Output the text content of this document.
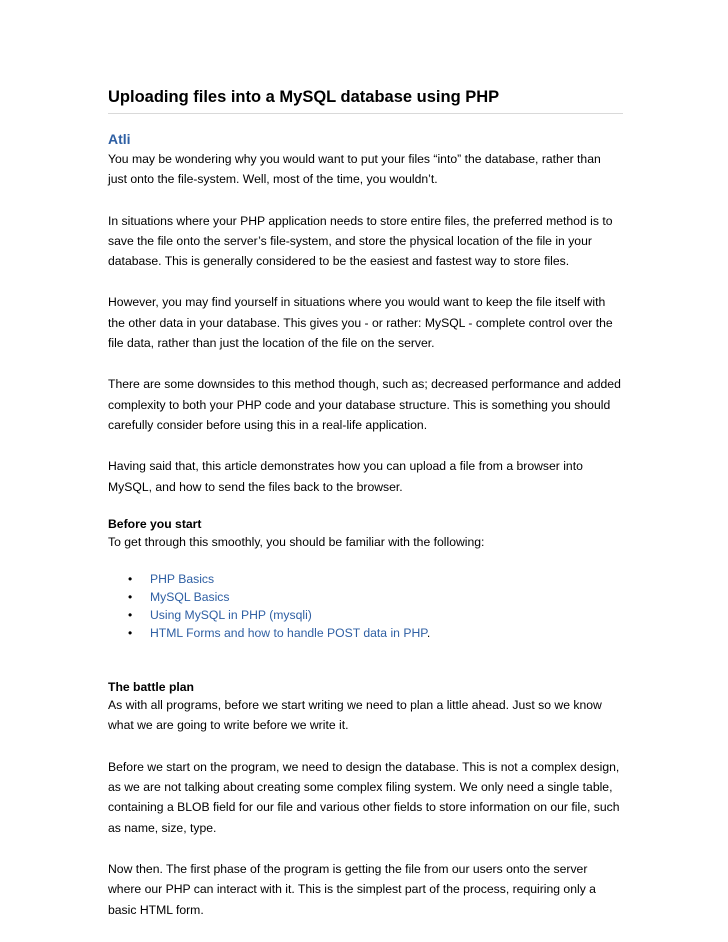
Uploading files into a MySQL database using PHP
Atli

You may be wondering why you would want to put your files “into” the database, rather than just onto the file-system. Well, most of the time, you wouldn’t.

In situations where your PHP application needs to store entire files, the preferred method is to save the file onto the server’s file-system, and store the physical location of the file in your database. This is generally considered to be the easiest and fastest way to store files.

However, you may find yourself in situations where you would want to keep the file itself with the other data in your database. This gives you - or rather: MySQL - complete control over the file data, rather than just the location of the file on the server.

There are some downsides to this method though, such as; decreased performance and added complexity to both your PHP code and your database structure. This is something you should carefully consider before using this in a real-life application.

Having said that, this article demonstrates how you can upload a file from a browser into MySQL, and how to send the files back to the browser.

Before you start

To get through this smoothly, you should be familiar with the following:

• PHP Basics
• MySQL Basics
• Using MySQL in PHP (mysqli)
• HTML Forms and how to handle POST data in PHP.
The battle plan

As with all programs, before we start writing we need to plan a little ahead. Just so we know what we are going to write before we write it.

Before we start on the program, we need to design the database. This is not a complex design, as we are not talking about creating some complex filing system. We only need a single table, containing a BLOB field for our file and various other fields to store information on our file, such as name, size, type.

Now then. The first phase of the program is getting the file from our users onto the server where our PHP can interact with it. This is the simplest part of the process, requiring only a basic HTML form.
